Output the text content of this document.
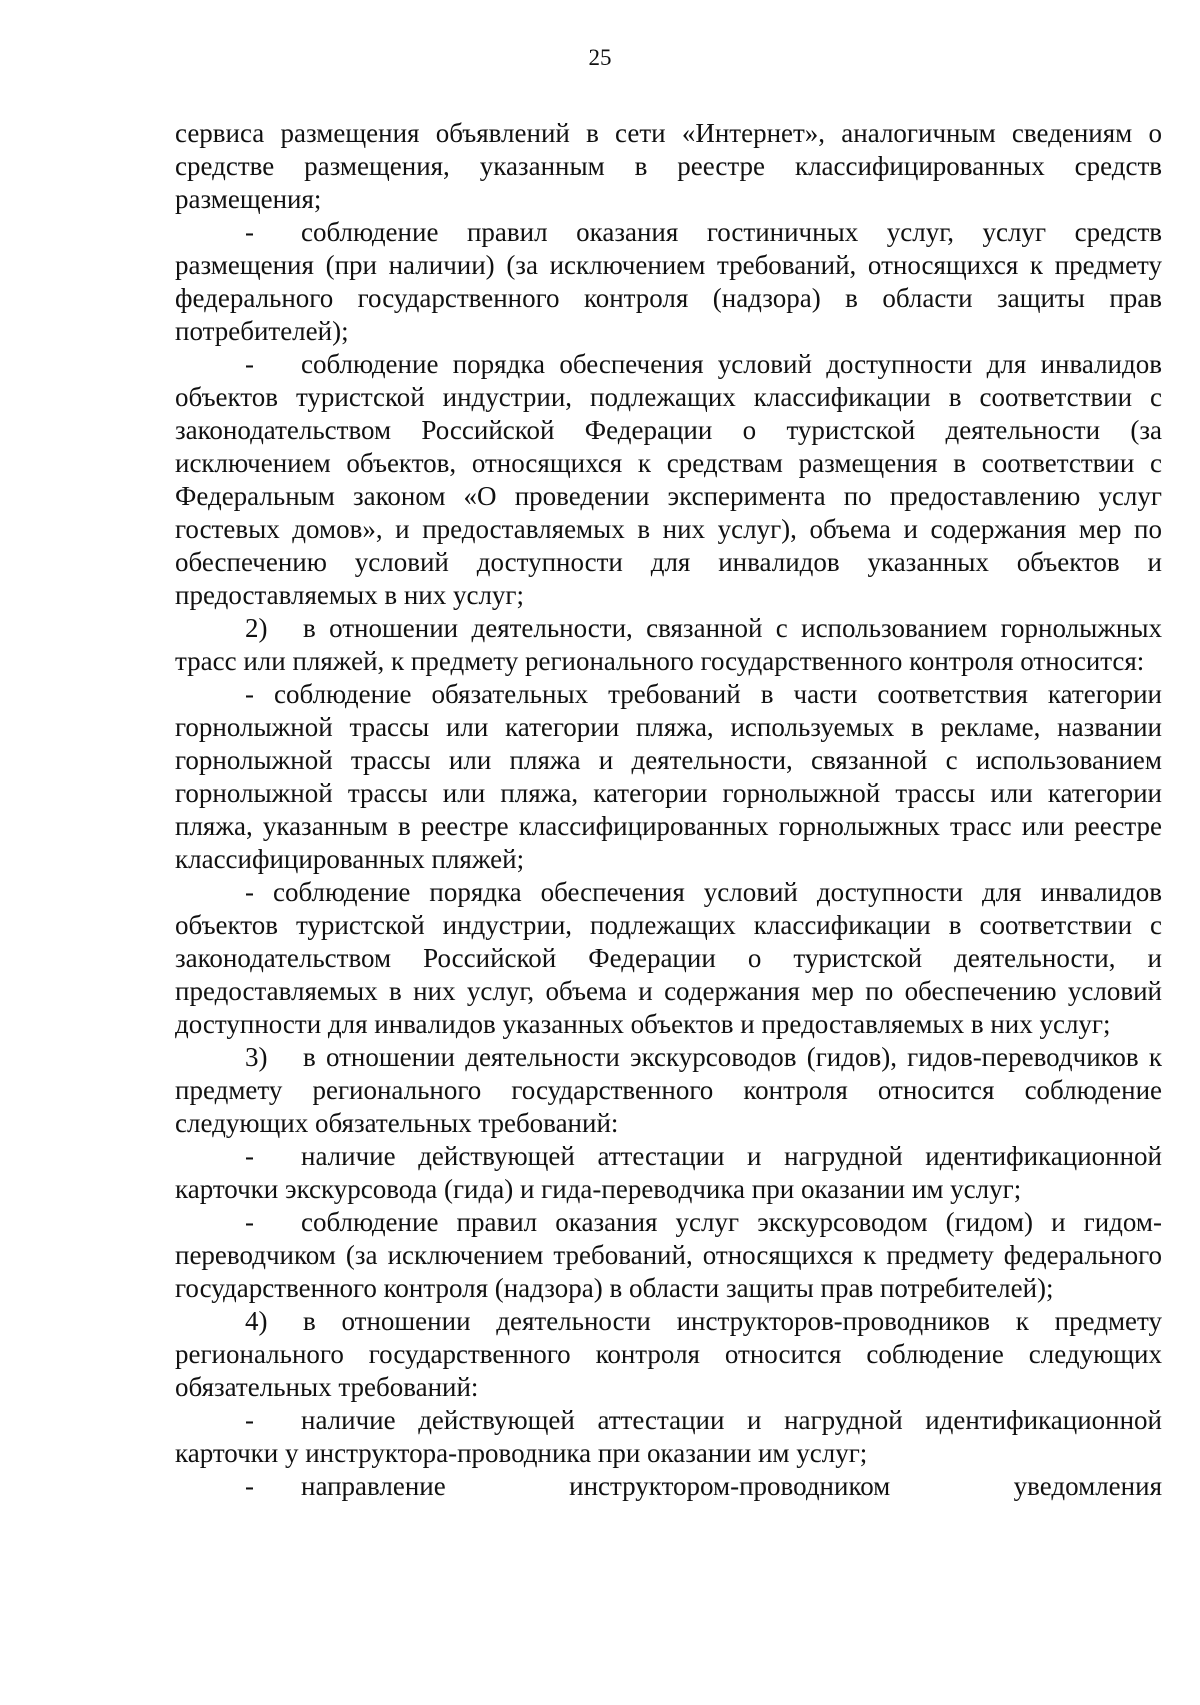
25

сервиса размещения объявлений в сети «Интернет», аналогичным сведениям о средстве размещения, указанным в реестре классифицированных средств размещения;

- соблюдение правил оказания гостиничных услуг, услуг средств размещения (при наличии) (за исключением требований, относящихся к предмету федерального государственного контроля (надзора) в области защиты прав потребителей);

- соблюдение порядка обеспечения условий доступности для инвалидов объектов туристской индустрии, подлежащих классификации в соответствии с законодательством Российской Федерации о туристской деятельности (за исключением объектов, относящихся к средствам размещения в соответствии с Федеральным законом «О проведении эксперимента по предоставлению услуг гостевых домов», и предоставляемых в них услуг), объема и содержания мер по обеспечению условий доступности для инвалидов указанных объектов и предоставляемых в них услуг;

2) в отношении деятельности, связанной с использованием горнолыжных трасс или пляжей, к предмету регионального государственного контроля относится:

- соблюдение обязательных требований в части соответствия категории горнолыжной трассы или категории пляжа, используемых в рекламе, названии горнолыжной трассы или пляжа и деятельности, связанной с использованием горнолыжной трассы или пляжа, категории горнолыжной трассы или категории пляжа, указанным в реестре классифицированных горнолыжных трасс или реестре классифицированных пляжей;

- соблюдение порядка обеспечения условий доступности для инвалидов объектов туристской индустрии, подлежащих классификации в соответствии с законодательством Российской Федерации о туристской деятельности, и предоставляемых в них услуг, объема и содержания мер по обеспечению условий доступности для инвалидов указанных объектов и предоставляемых в них услуг;

3) в отношении деятельности экскурсоводов (гидов), гидов-переводчиков к предмету регионального государственного контроля относится соблюдение следующих обязательных требований:

- наличие действующей аттестации и нагрудной идентификационной карточки экскурсовода (гида) и гида-переводчика при оказании им услуг;

- соблюдение правил оказания услуг экскурсоводом (гидом) и гидом-переводчиком (за исключением требований, относящихся к предмету федерального государственного контроля (надзора) в области защиты прав потребителей);

4) в отношении деятельности инструкторов-проводников к предмету регионального государственного контроля относится соблюдение следующих обязательных требований:

- наличие действующей аттестации и нагрудной идентификационной карточки у инструктора-проводника при оказании им услуг;

- направление инструктором-проводником уведомления
